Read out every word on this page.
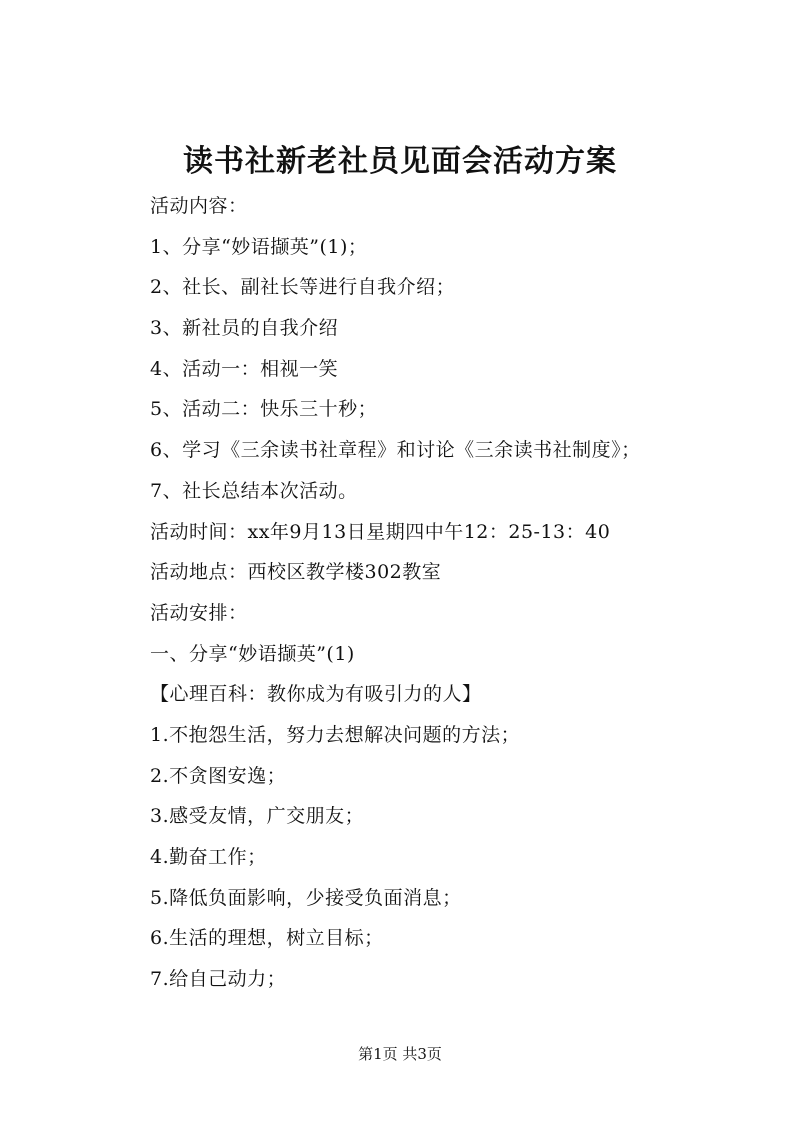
读书社新老社员见面会活动方案
活动内容：
1、分享“妙语撷英”(1)；
2、社长、副社长等进行自我介绍；
3、新社员的自我介绍
4、活动一：相视一笑
5、活动二：快乐三十秒；
6、学习《三余读书社章程》和讨论《三余读书社制度》；
7、社长总结本次活动。
活动时间：xx年9月13日星期四中午12：25-13：40
活动地点：西校区教学楼302教室
活动安排：
一、分享“妙语撷英”(1)
【心理百科：教你成为有吸引力的人】
1.不抱怨生活，努力去想解决问题的方法；
2.不贪图安逸；
3.感受友情，广交朋友；
4.勤奋工作；
5.降低负面影响，少接受负面消息；
6.生活的理想，树立目标；
7.给自己动力；
第1页 共3页
